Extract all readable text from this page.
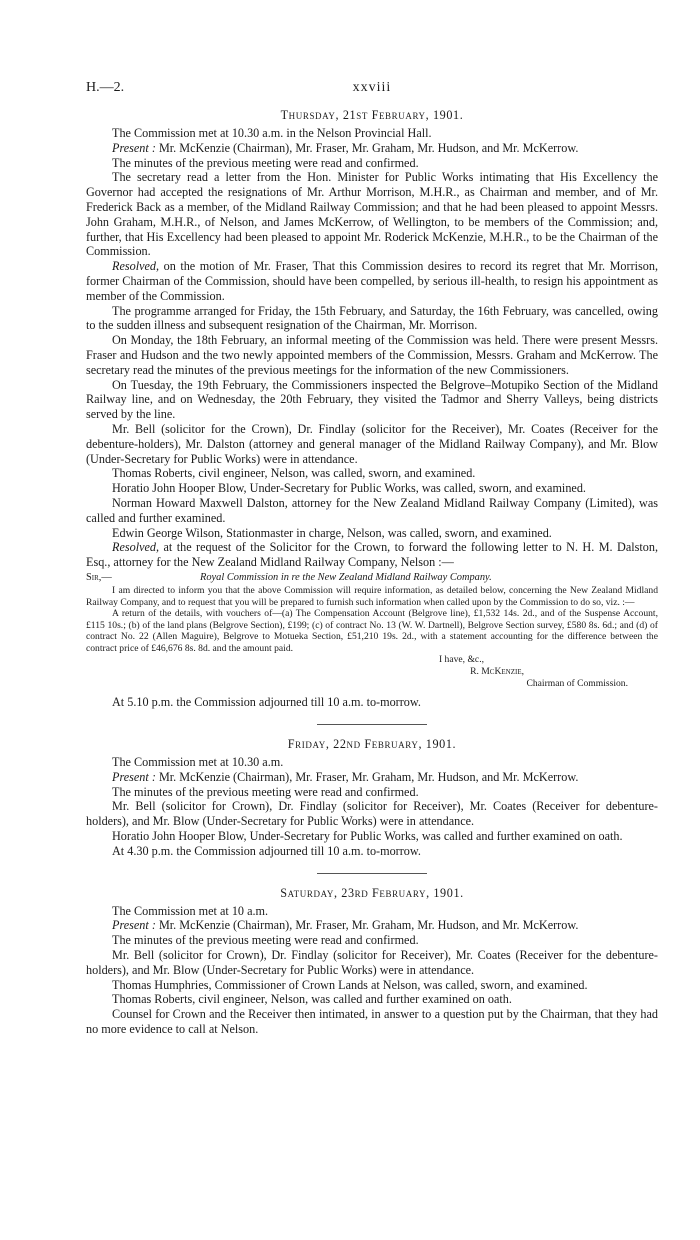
H.—2.	xxviii
Thursday, 21st February, 1901.

The Commission met at 10.30 a.m. in the Nelson Provincial Hall.

Present : Mr. McKenzie (Chairman), Mr. Fraser, Mr. Graham, Mr. Hudson, and Mr. McKerrow.

The minutes of the previous meeting were read and confirmed.

The secretary read a letter from the Hon. Minister for Public Works intimating that His Excellency the Governor had accepted the resignations of Mr. Arthur Morrison, M.H.R., as Chairman and member, and of Mr. Frederick Back as a member, of the Midland Railway Commission; and that he had been pleased to appoint Messrs. John Graham, M.H.R., of Nelson, and James McKerrow, of Wellington, to be members of the Commission; and, further, that His Excellency had been pleased to appoint Mr. Roderick McKenzie, M.H.R., to be the Chairman of the Commission.

Resolved, on the motion of Mr. Fraser, That this Commission desires to record its regret that Mr. Morrison, former Chairman of the Commission, should have been compelled, by serious ill-health, to resign his appointment as member of the Commission.

The programme arranged for Friday, the 15th February, and Saturday, the 16th February, was cancelled, owing to the sudden illness and subsequent resignation of the Chairman, Mr. Morrison.

On Monday, the 18th February, an informal meeting of the Commission was held. There were present Messrs. Fraser and Hudson and the two newly appointed members of the Commission, Messrs. Graham and McKerrow. The secretary read the minutes of the previous meetings for the information of the new Commissioners.

On Tuesday, the 19th February, the Commissioners inspected the Belgrove–Motupiko Section of the Midland Railway line, and on Wednesday, the 20th February, they visited the Tadmor and Sherry Valleys, being districts served by the line.

Mr. Bell (solicitor for the Crown), Dr. Findlay (solicitor for the Receiver), Mr. Coates (Receiver for the debenture-holders), Mr. Dalston (attorney and general manager of the Midland Railway Company), and Mr. Blow (Under-Secretary for Public Works) were in attendance.

Thomas Roberts, civil engineer, Nelson, was called, sworn, and examined.

Horatio John Hooper Blow, Under-Secretary for Public Works, was called, sworn, and examined.

Norman Howard Maxwell Dalston, attorney for the New Zealand Midland Railway Company (Limited), was called and further examined.

Edwin George Wilson, Stationmaster in charge, Nelson, was called, sworn, and examined.

Resolved, at the request of the Solicitor for the Crown, to forward the following letter to N. H. M. Dalston, Esq., attorney for the New Zealand Midland Railway Company, Nelson :—

Sir,—	Royal Commission in re the New Zealand Midland Railway Company.

I am directed to inform you that the above Commission will require information, as detailed below, concerning the New Zealand Midland Railway Company, and to request that you will be prepared to furnish such information when called upon by the Commission to do so, viz. :—

A return of the details, with vouchers of—(a) The Compensation Account (Belgrove line), £1,532 14s. 2d., and of the Suspense Account, £115 10s.; (b) of the land plans (Belgrove Section), £199; (c) of contract No. 13 (W. W. Dartnell), Belgrove Section survey, £580 8s. 6d.; and (d) of contract No. 22 (Allen Maguire), Belgrove to Motueka Section, £51,210 19s. 2d., with a statement accounting for the difference between the contract price of £46,676 8s. 8d. and the amount paid.

I have, &c.,
R. McKenzie,
Chairman of Commission.

At 5.10 p.m. the Commission adjourned till 10 a.m. to-morrow.

Friday, 22nd February, 1901.

The Commission met at 10.30 a.m.

Present : Mr. McKenzie (Chairman), Mr. Fraser, Mr. Graham, Mr. Hudson, and Mr. McKerrow.

The minutes of the previous meeting were read and confirmed.

Mr. Bell (solicitor for Crown), Dr. Findlay (solicitor for Receiver), Mr. Coates (Receiver for debenture-holders), and Mr. Blow (Under-Secretary for Public Works) were in attendance.

Horatio John Hooper Blow, Under-Secretary for Public Works, was called and further examined on oath.

At 4.30 p.m. the Commission adjourned till 10 a.m. to-morrow.

Saturday, 23rd February, 1901.

The Commission met at 10 a.m.

Present : Mr. McKenzie (Chairman), Mr. Fraser, Mr. Graham, Mr. Hudson, and Mr. McKerrow.

The minutes of the previous meeting were read and confirmed.

Mr. Bell (solicitor for Crown), Dr. Findlay (solicitor for Receiver), Mr. Coates (Receiver for the debenture-holders), and Mr. Blow (Under-Secretary for Public Works) were in attendance.

Thomas Humphries, Commissioner of Crown Lands at Nelson, was called, sworn, and examined.

Thomas Roberts, civil engineer, Nelson, was called and further examined on oath.

Counsel for Crown and the Receiver then intimated, in answer to a question put by the Chairman, that they had no more evidence to call at Nelson.
